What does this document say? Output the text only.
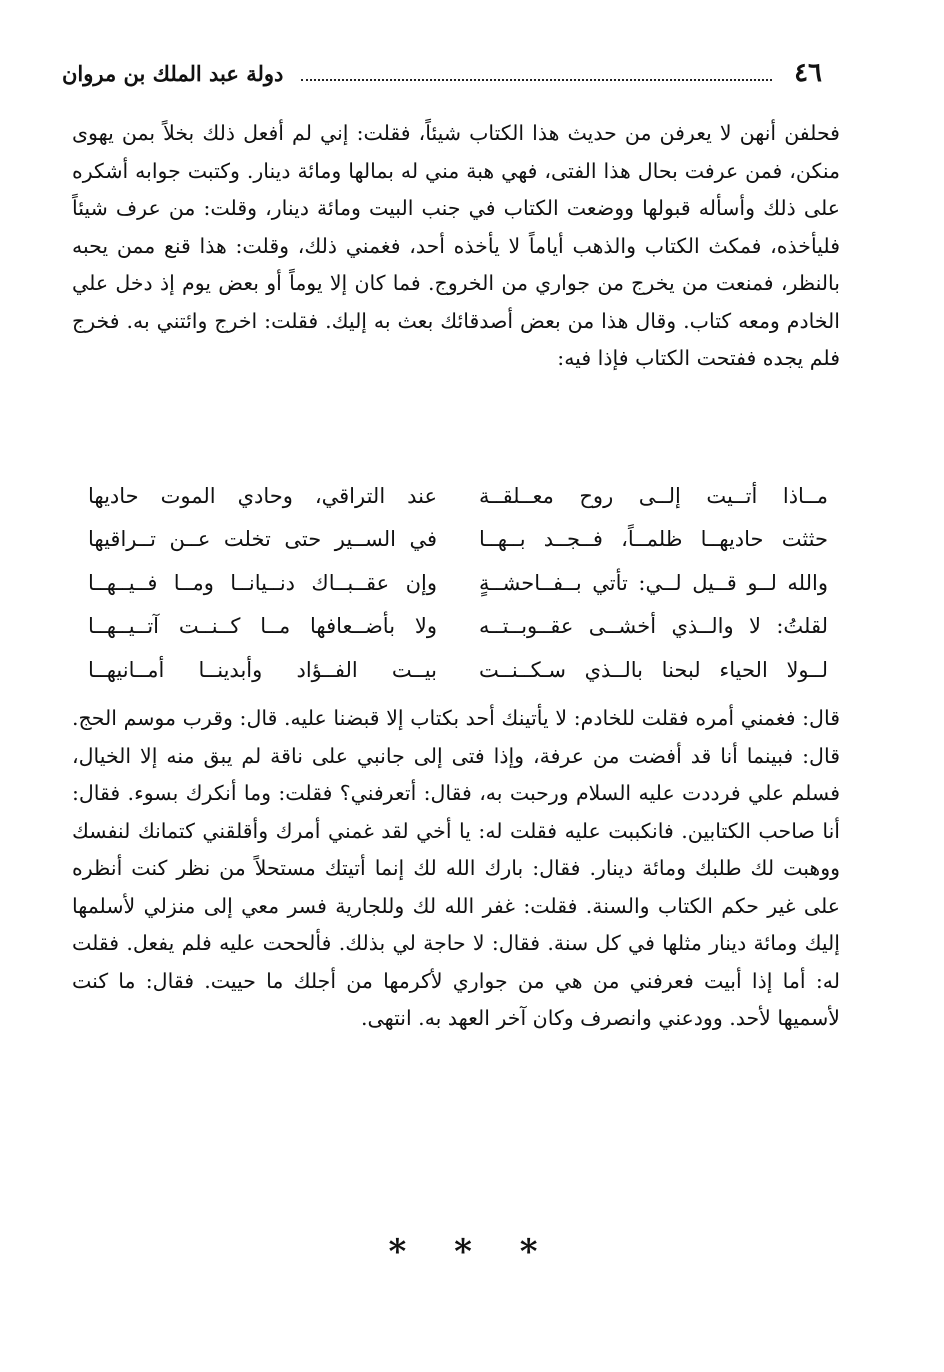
٤٦
دولة عبد الملك بن مروان

فحلفن أنهن لا يعرفن من حديث هذا الكتاب شيئاً، فقلت: إني لم أفعل ذلك بخلاً بمن يهوى منكن، فمن عرفت بحال هذا الفتى، فهي هبة مني له بمالها ومائة دينار. وكتبت جوابه أشكره على ذلك وأسأله قبولها ووضعت الكتاب في جنب البيت ومائة دينار، وقلت: من عرف شيئاً فليأخذه، فمكث الكتاب والذهب أياماً لا يأخذه أحد، فغمني ذلك، وقلت: هذا قنع ممن يحبه بالنظر، فمنعت من يخرج من جواري من الخروج. فما كان إلا يوماً أو بعض يوم إذ دخل علي الخادم ومعه كتاب. وقال هذا من بعض أصدقائك بعث به إليك. فقلت: اخرج وائتني به. فخرج فلم يجده ففتحت الكتاب فإذا فيه:

مــاذا أتــيت إلــى روح معــلقــة
عند التراقي، وحادي الموت حاديها
حثثت حاديهــا ظلمــاً، فــجــد بــهــا
في الســير حتى تخلت عــن تــراقيها
والله لــو قــيل لــي: تأتي بــفــاحشــةٍ
وإن عقــبــاك دنــيانــا ومــا فــيــهــا
لقلتُ: لا والــذي أخشــى عقــوبــتــه
ولا بأضــعافها مــا كــنــت آتــيــهــا
لــولا الحياء لبحنا بالــذي سـكــنــت
بيــت الفــؤاد وأبدينــا أمــانيهــا

قال: فغمني أمره فقلت للخادم: لا يأتينك أحد بكتاب إلا قبضنا عليه. قال: وقرب موسم الحج. قال: فبينما أنا قد أفضت من عرفة، وإذا فتى إلى جانبي على ناقة لم يبق منه إلا الخيال، فسلم علي فرددت عليه السلام ورحبت به، فقال: أتعرفني؟ فقلت: وما أنكرك بسوء. فقال: أنا صاحب الكتابين. فانكببت عليه فقلت له: يا أخي لقد غمني أمرك وأقلقني كتمانك لنفسك ووهبت لك طلبك ومائة دينار. فقال: بارك الله لك إنما أتيتك مستحلاً من نظر كنت أنظره على غير حكم الكتاب والسنة. فقلت: غفر الله لك وللجارية فسر معي إلى منزلي لأسلمها إليك ومائة دينار مثلها في كل سنة. فقال: لا حاجة لي بذلك. فألححت عليه فلم يفعل. فقلت له: أما إذا أبيت فعرفني من هي من جواري لأكرمها من أجلك ما حييت. فقال: ما كنت لأسميها لأحد. وودعني وانصرف وكان آخر العهد به. انتهى.

* * *
